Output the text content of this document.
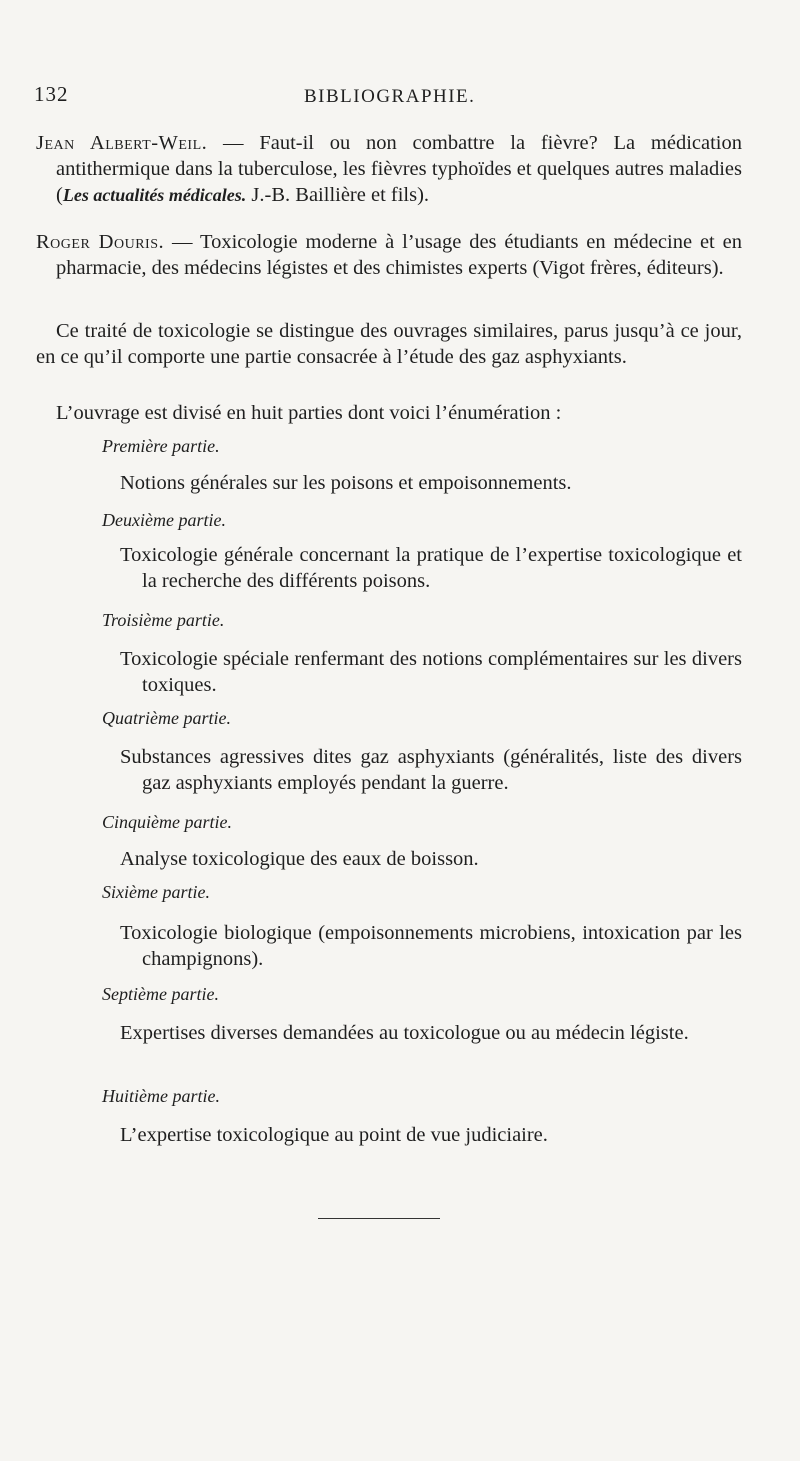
132	BIBLIOGRAPHIE.
Jean Albert-Weil. — Faut-il ou non combattre la fièvre? La médication antithermique dans la tuberculose, les fièvres typhoïdes et quelques autres maladies (Les actualités médicales. J.-B. Baillière et fils).
Roger Douris. — Toxicologie moderne à l’usage des étudiants en médecine et en pharmacie, des médecins légistes et des chimistes experts (Vigot frères, éditeurs).
Ce traité de toxicologie se distingue des ouvrages similaires, parus jusqu’à ce jour, en ce qu’il comporte une partie consacrée à l’étude des gaz asphyxiants.
L’ouvrage est divisé en huit parties dont voici l’énumération :
Première partie.
Notions générales sur les poisons et empoisonnements.
Deuxième partie.
Toxicologie générale concernant la pratique de l’expertise toxicologique et la recherche des différents poisons.
Troisième partie.
Toxicologie spéciale renfermant des notions complémentaires sur les divers toxiques.
Quatrième partie.
Substances agressives dites gaz asphyxiants (généralités, liste des divers gaz asphyxiants employés pendant la guerre.
Cinquième partie.
Analyse toxicologique des eaux de boisson.
Sixième partie.
Toxicologie biologique (empoisonnements microbiens, intoxication par les champignons).
Septième partie.
Expertises diverses demandées au toxicologue ou au médecin légiste.
Huitième partie.
L’expertise toxicologique au point de vue judiciaire.
